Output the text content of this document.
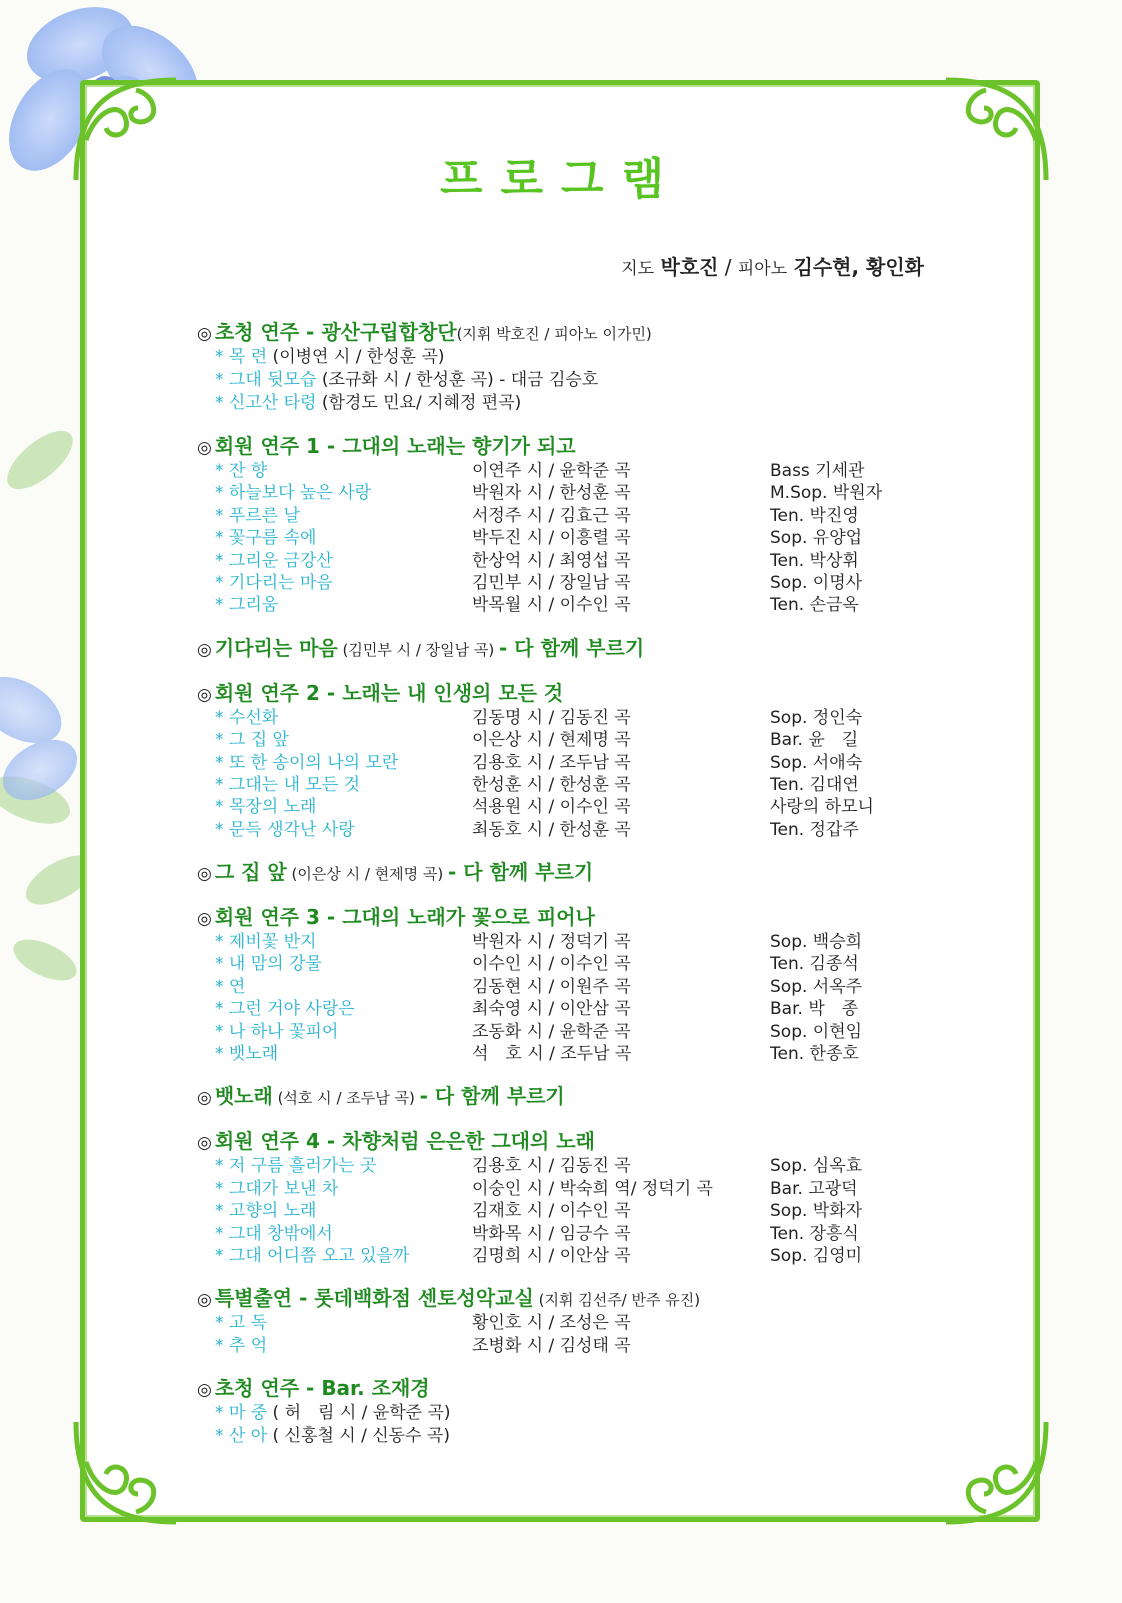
프로그램
지도 박호진 / 피아노 김수현, 황인화
◎ 초청 연주 - 광산구립합창단(지휘 박호진 / 피아노 이가민)
* 목 련 (이병연 시 / 한성훈 곡)
* 그대 뒷모습 (조규화 시 / 한성훈 곡) - 대금 김승호
* 신고산 타령 (함경도 민요/ 지혜정 편곡)
◎ 회원 연주 1 - 그대의 노래는 향기가 되고
* 잔 향	이연주 시 / 윤학준 곡	Bass 기세관
* 하늘보다 높은 사랑	박원자 시 / 한성훈 곡	M.Sop. 박원자
* 푸르른 날	서정주 시 / 김효근 곡	Ten. 박진영
* 꽃구름 속에	박두진 시 / 이흥렬 곡	Sop. 유양업
* 그리운 금강산	한상억 시 / 최영섭 곡	Ten. 박상휘
* 기다리는 마음	김민부 시 / 장일남 곡	Sop. 이명사
* 그리움	박목월 시 / 이수인 곡	Ten. 손금옥
◎ 기다리는 마음 (김민부 시 / 장일남 곡) - 다 함께 부르기
◎ 회원 연주 2 - 노래는 내 인생의 모든 것
* 수선화	김동명 시 / 김동진 곡	Sop. 정인숙
* 그 집 앞	이은상 시 / 현제명 곡	Bar. 윤　길
* 또 한 송이의 나의 모란	김용호 시 / 조두남 곡	Sop. 서애숙
* 그대는 내 모든 것	한성훈 시 / 한성훈 곡	Ten. 김대연
* 목장의 노래	석용원 시 / 이수인 곡	사랑의 하모니
* 문득 생각난 사랑	최동호 시 / 한성훈 곡	Ten. 정갑주
◎ 그 집 앞 (이은상 시 / 현제명 곡) - 다 함께 부르기
◎ 회원 연주 3 - 그대의 노래가 꽃으로 피어나
* 제비꽃 반지	박원자 시 / 정덕기 곡	Sop. 백승희
* 내 맘의 강물	이수인 시 / 이수인 곡	Ten. 김종석
* 연	김동현 시 / 이원주 곡	Sop. 서옥주
* 그런 거야 사랑은	최숙영 시 / 이안삼 곡	Bar. 박　종
* 나 하나 꽃피어	조동화 시 / 윤학준 곡	Sop. 이현임
* 뱃노래	석　호 시 / 조두남 곡	Ten. 한종호
◎ 뱃노래 (석호 시 / 조두남 곡) - 다 함께 부르기
◎ 회원 연주 4 - 차향처럼 은은한 그대의 노래
* 저 구름 흘러가는 곳	김용호 시 / 김동진 곡	Sop. 심옥효
* 그대가 보낸 차	이숭인 시 / 박숙희 역/ 정덕기 곡	Bar. 고광덕
* 고향의 노래	김재호 시 / 이수인 곡	Sop. 박화자
* 그대 창밖에서	박화목 시 / 임긍수 곡	Ten. 장흥식
* 그대 어디쯤 오고 있을까	김명희 시 / 이안삼 곡	Sop. 김영미
◎ 특별출연 - 롯데백화점 센토성악교실 (지휘 김선주/ 반주 유진)
* 고 독	황인호 시 / 조성은 곡
* 추 억	조병화 시 / 김성태 곡
◎ 초청 연주 - Bar. 조재경
* 마 중 ( 허　림 시 / 윤학준 곡)
* 산 아 ( 신홍철 시 / 신동수 곡)
